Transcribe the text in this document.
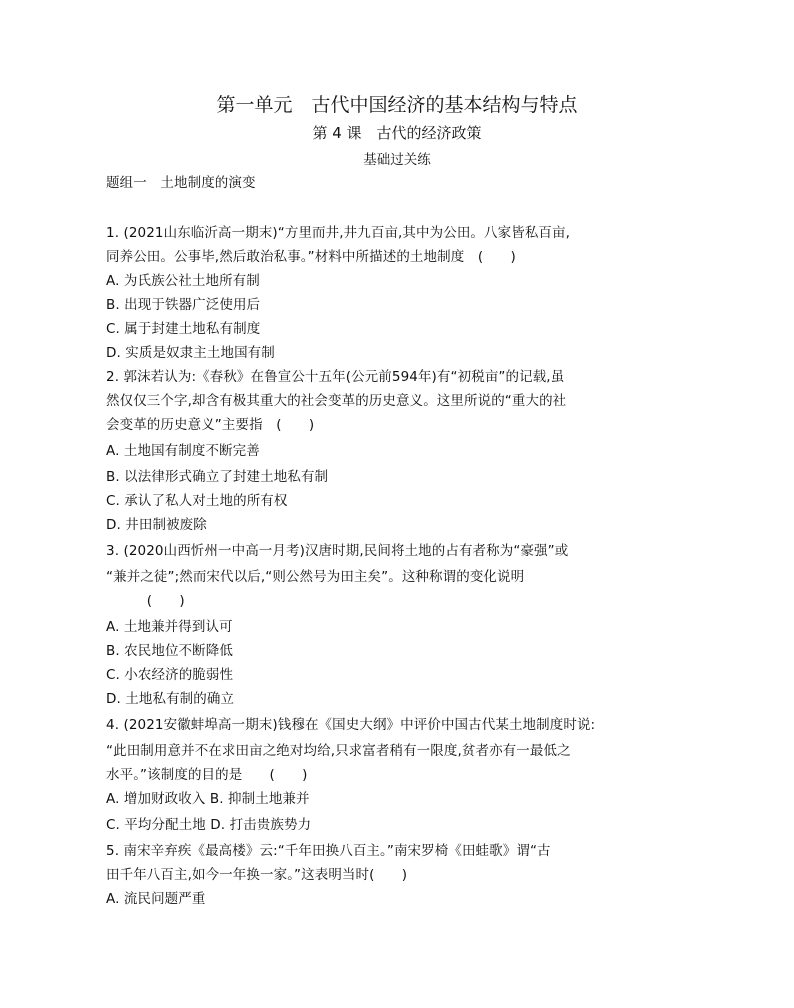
第一单元　古代中国经济的基本结构与特点
第 4 课　古代的经济政策
基础过关练
题组一　土地制度的演变
1. (2021山东临沂高一期末)“方里而井,井九百亩,其中为公田。八家皆私百亩,
同养公田。公事毕,然后敢治私事。”材料中所描述的土地制度　(　　)
A. 为氏族公社土地所有制
B. 出现于铁器广泛使用后
C. 属于封建土地私有制度
D. 实质是奴隶主土地国有制
2. 郭沫若认为:《春秋》在鲁宣公十五年(公元前594年)有“初税亩”的记载,虽
然仅仅三个字,却含有极其重大的社会变革的历史意义。这里所说的“重大的社
会变革的历史意义”主要指　(　　)
A. 土地国有制度不断完善
B. 以法律形式确立了封建土地私有制
C. 承认了私人对土地的所有权
D. 井田制被废除
3. (2020山西忻州一中高一月考)汉唐时期,民间将土地的占有者称为“豪强”或
“兼并之徒”;然而宋代以后,“则公然号为田主矣”。这种称谓的变化说明
　　　(　　)
A. 土地兼并得到认可
B. 农民地位不断降低
C. 小农经济的脆弱性
D. 土地私有制的确立
4. (2021安徽蚌埠高一期末)钱穆在《国史大纲》中评价中国古代某土地制度时说:
“此田制用意并不在求田亩之绝对均给,只求富者稍有一限度,贫者亦有一最低之
水平。”该制度的目的是　　(　　)
A. 增加财政收入 B. 抑制土地兼并
C. 平均分配土地 D. 打击贵族势力
5. 南宋辛弃疾《最高楼》云:“千年田换八百主。”南宋罗椅《田蛙歌》谓“古
田千年八百主,如今一年换一家。”这表明当时(　　)
A. 流民问题严重
